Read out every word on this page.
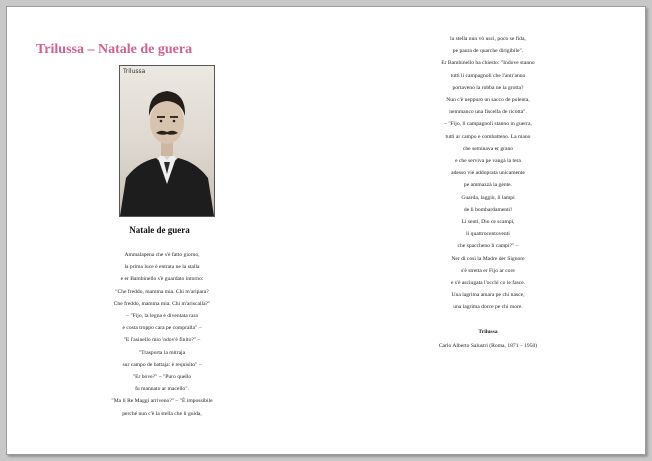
Trilussa – Natale de guera
Trilussa
Natale de guera
Ammalapena che s'è fatto giorno,
la prima luce è entrata ne la stalla
e er Bambinello s'è guardato intorno:
"Che freddo, mamma mia. Chi m'aripara?
Che freddo, mamma mia. Chi m'ariscalla?"
– "Fijo, la legna è diventata rara
e costa troppo cara pe compralla" –
"E l'asinello mio 'ndov'è finito?" –
"Trasporta la mitraja
sur campo de battaja: è requisito" –
"Er bove?" – "Puro quello
fu mannato ar macello".
"Ma li Re Maggi arriveno?" – "È impossibile
perché nun c'è la stella che li guida,
la stella nun vò uscì, poco se fida,
pe paura de quarche dirigibile".
Er Bambinello ha chiesto: "Indove stanno
tutti li campagnoli che l'antr'anno
portaveno la robba ne la grotta?
Nun c'è neppuro un sacco de polenta,
nemmanco una fiscella de ricotta".
– "Fijo, li campagnoli stanno in guerra,
tutti ar campo e combatteno. La mano
che seminava er grano
e che serviva pe vangà la tera
adesso vié addoprata unicamente
pe ammazzà la gente.
Guarda, laggiù, li lampi
de li bombardamenti!
Li senti, Dio ce scampi,
li quattrocentoventi
che spaccheno li campi?" –
Ner dì così la Madre der Signore
s'è stretta er Fijo ar core
e s'è asciugata l'occhi co le fasce.
Una lagrima amara pe chi nasce,
una lagrima dorce pe chi more.

Trilussa

Carlo Alberto Salustri (Roma, 1871 – 1950)
